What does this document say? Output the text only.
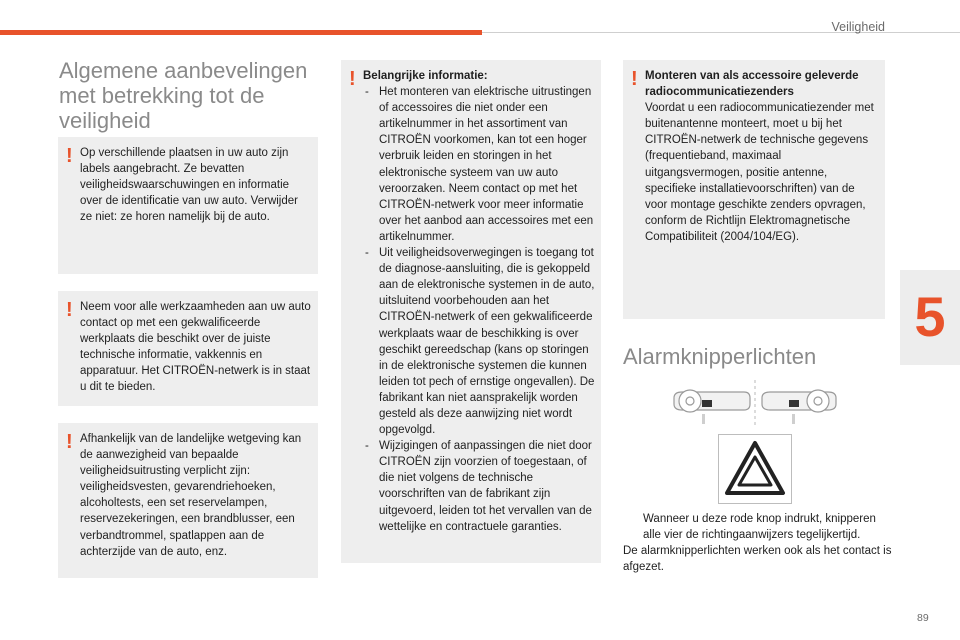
Veiligheid
5
Algemene aanbevelingen met betrekking tot de veiligheid
! Op verschillende plaatsen in uw auto zijn labels aangebracht. Ze bevatten veiligheidswaarschuwingen en informatie over de identificatie van uw auto. Verwijder ze niet: ze horen namelijk bij de auto.

! Neem voor alle werkzaamheden aan uw auto contact op met een gekwalificeerde werkplaats die beschikt over de juiste technische informatie, vakkennis en apparatuur. Het CITROËN-netwerk is in staat u dit te bieden.

! Afhankelijk van de landelijke wetgeving kan de aanwezigheid van bepaalde veiligheidsuitrusting verplicht zijn: veiligheidsvesten, gevarendriehoeken, alcoholtests, een set reservelampen, reservezekeringen, een brandblusser, een verbandtrommel, spatlappen aan de achterzijde van de auto, enz.

! Belangrijke informatie:

- Het monteren van elektrische uitrustingen of accessoires die niet onder een artikelnummer in het assortiment van CITROËN voorkomen, kan tot een hoger verbruik leiden en storingen in het elektronische systeem van uw auto veroorzaken. Neem contact op met het CITROËN-netwerk voor meer informatie over het aanbod aan accessoires met een artikelnummer.
- Uit veiligheidsoverwegingen is toegang tot de diagnose-aansluiting, die is gekoppeld aan de elektronische systemen in de auto, uitsluitend voorbehouden aan het CITROËN-netwerk of een gekwalificeerde werkplaats waar de beschikking is over geschikt gereedschap (kans op storingen in de elektronische systemen die kunnen leiden tot pech of ernstige ongevallen). De fabrikant kan niet aansprakelijk worden gesteld als deze aanwijzing niet wordt opgevolgd.
- Wijzigingen of aanpassingen die niet door CITROËN zijn voorzien of toegestaan, of die niet volgens de technische voorschriften van de fabrikant zijn uitgevoerd, leiden tot het vervallen van de wettelijke en contractuele garanties.
! Monteren van als accessoire geleverde radiocommunicatiezenders

Voordat u een radiocommunicatiezender met buitenantenne monteert, moet u bij het CITROËN-netwerk de technische gegevens (frequentieband, maximaal uitgangsvermogen, positie antenne, specifieke installatievoorschriften) van de voor montage geschikte zenders opvragen, conform de Richtlijn Elektromagnetische Compatibiliteit (2004/104/EG).

Alarmknipperlichten

Wanneer u deze rode knop indrukt, knipperen alle vier de richtingaanwijzers tegelijkertijd.

De alarmknipperlichten werken ook als het contact is afgezet.

89
